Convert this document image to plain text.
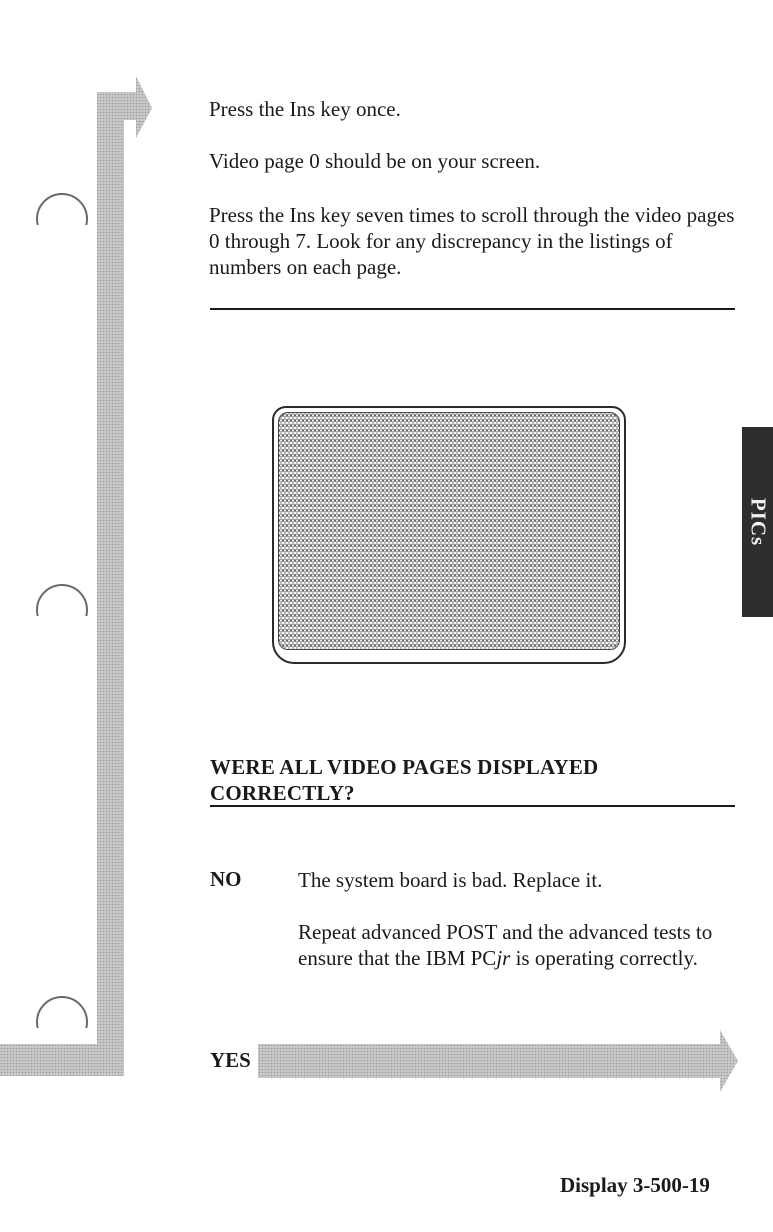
Press the Ins key once.

Video page 0 should be on your screen.

Press the Ins key seven times to scroll through the video pages 0 through 7. Look for any discrepancy in the listings of numbers on each page.

WERE ALL VIDEO PAGES DISPLAYED
CORRECTLY?
NO	The system board is bad. Replace it.

Repeat advanced POST and the advanced tests to ensure that the IBM PCjr is operating correctly.

YES
PICs
Display 3-500-19
